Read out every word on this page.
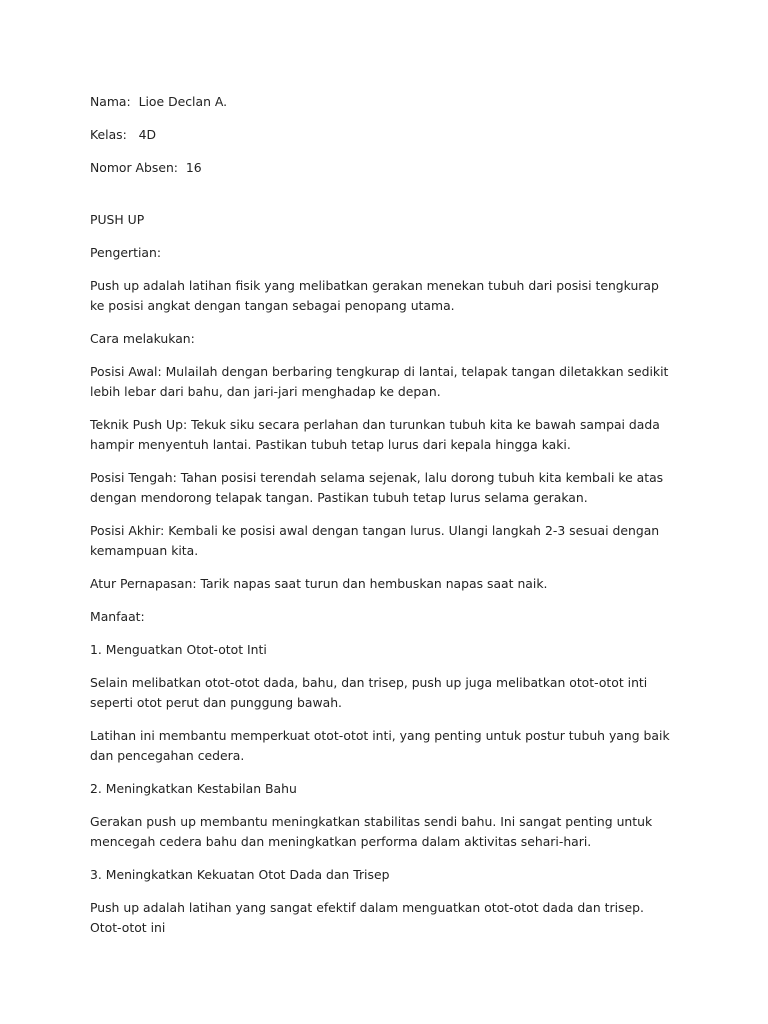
Nama:  Lioe Declan A.

Kelas:   4D

Nomor Absen:  16

PUSH UP

Pengertian:

Push up adalah latihan fisik yang melibatkan gerakan menekan tubuh dari posisi tengkurap ke posisi angkat dengan tangan sebagai penopang utama.

Cara melakukan:

Posisi Awal: Mulailah dengan berbaring tengkurap di lantai, telapak tangan diletakkan sedikit lebih lebar dari bahu, dan jari-jari menghadap ke depan.

Teknik Push Up: Tekuk siku secara perlahan dan turunkan tubuh kita ke bawah sampai dada hampir menyentuh lantai. Pastikan tubuh tetap lurus dari kepala hingga kaki.

Posisi Tengah: Tahan posisi terendah selama sejenak, lalu dorong tubuh kita kembali ke atas dengan mendorong telapak tangan. Pastikan tubuh tetap lurus selama gerakan.

Posisi Akhir: Kembali ke posisi awal dengan tangan lurus. Ulangi langkah 2-3 sesuai dengan kemampuan kita.

Atur Pernapasan: Tarik napas saat turun dan hembuskan napas saat naik.

Manfaat:

1. Menguatkan Otot-otot Inti

Selain melibatkan otot-otot dada, bahu, dan trisep, push up juga melibatkan otot-otot inti seperti otot perut dan punggung bawah.

Latihan ini membantu memperkuat otot-otot inti, yang penting untuk postur tubuh yang baik dan pencegahan cedera.

2. Meningkatkan Kestabilan Bahu

Gerakan push up membantu meningkatkan stabilitas sendi bahu. Ini sangat penting untuk mencegah cedera bahu dan meningkatkan performa dalam aktivitas sehari-hari.

3. Meningkatkan Kekuatan Otot Dada dan Trisep

Push up adalah latihan yang sangat efektif dalam menguatkan otot-otot dada dan trisep. Otot-otot ini
